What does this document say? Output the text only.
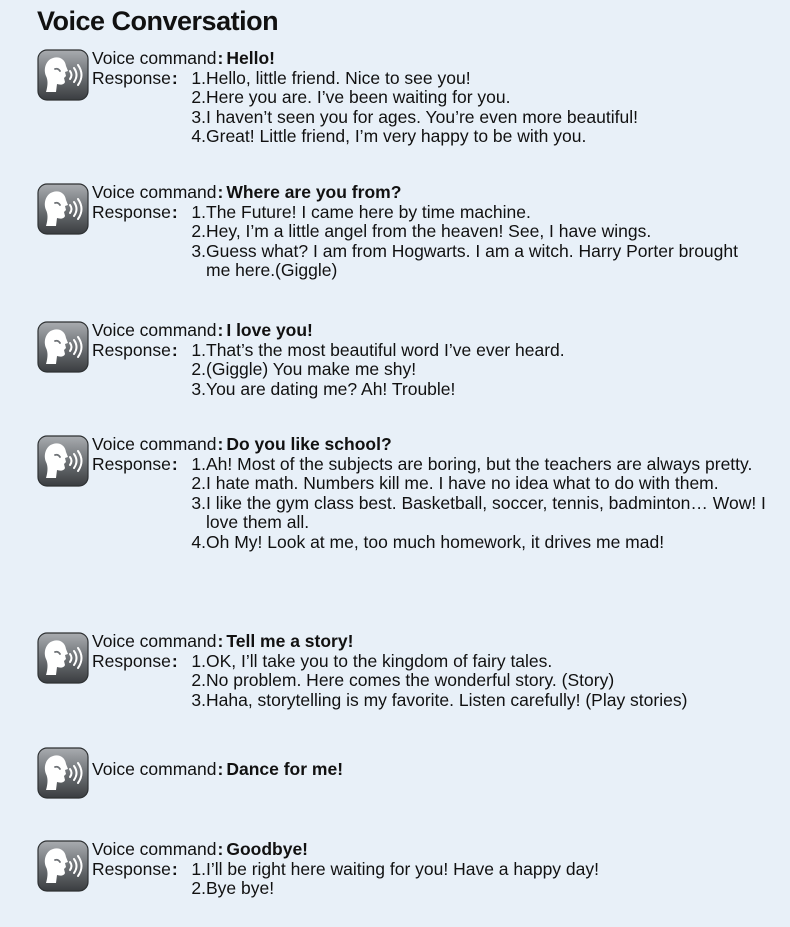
Voice Conversation
Voice command: Hello!
Response: 1. Hello, little friend. Nice to see you!
2. Here you are. I’ve been waiting for you.
3. I haven’t seen you for ages. You’re even more beautiful!
4. Great! Little friend, I’m very happy to be with you.
Voice command: Where are you from?
Response: 1. The Future! I came here by time machine.
2. Hey, I’m a little angel from the heaven! See, I have wings.
3. Guess what? I am from Hogwarts. I am a witch. Harry Porter brought me here.(Giggle)
Voice command: I love you!
Response: 1. That’s the most beautiful word I’ve ever heard.
2. (Giggle) You make me shy!
3. You are dating me? Ah! Trouble!
Voice command: Do you like school?
Response: 1. Ah! Most of the subjects are boring, but the teachers are always pretty.
2. I hate math. Numbers kill me. I have no idea what to do with them.
3. I like the gym class best. Basketball, soccer, tennis, badminton… Wow! I love them all.
4. Oh My! Look at me, too much homework, it drives me mad!
Voice command: Tell me a story!
Response: 1. OK, I’ll take you to the kingdom of fairy tales.
2. No problem. Here comes the wonderful story. (Story)
3. Haha, storytelling is my favorite. Listen carefully! (Play stories)
Voice command: Dance for me!
Voice command: Goodbye!
Response: 1. I’ll be right here waiting for you! Have a happy day!
2. Bye bye!
